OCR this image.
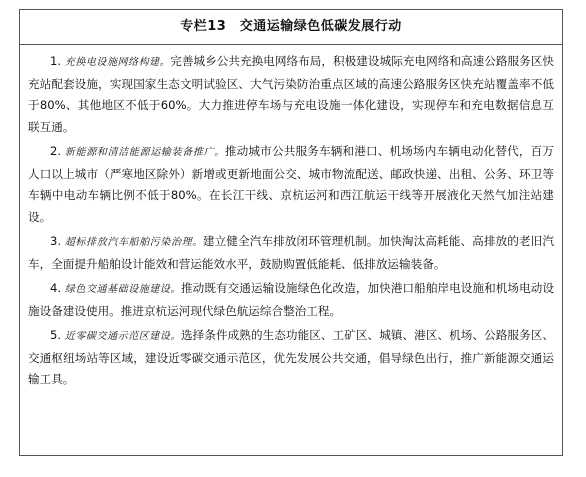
专栏13　交通运输绿色低碳发展行动

1. 充换电设施网络构建。完善城乡公共充换电网络布局，积极建设城际充电网络和高速公路服务区快充站配套设施，实现国家生态文明试验区、大气污染防治重点区域的高速公路服务区快充站覆盖率不低于80%、其他地区不低于60%。大力推进停车场与充电设施一体化建设，实现停车和充电数据信息互联互通。

2. 新能源和清洁能源运输装备推广。推动城市公共服务车辆和港口、机场场内车辆电动化替代，百万人口以上城市（严寒地区除外）新增或更新地面公交、城市物流配送、邮政快递、出租、公务、环卫等车辆中电动车辆比例不低于80%。在长江干线、京杭运河和西江航运干线等开展液化天然气加注站建设。

3. 超标排放汽车船舶污染治理。建立健全汽车排放闭环管理机制。加快淘汰高耗能、高排放的老旧汽车，全面提升船舶设计能效和营运能效水平，鼓励购置低能耗、低排放运输装备。

4. 绿色交通基础设施建设。推动既有交通运输设施绿色化改造，加快港口船舶岸电设施和机场电动设施设备建设使用。推进京杭运河现代绿色航运综合整治工程。

5. 近零碳交通示范区建设。选择条件成熟的生态功能区、工矿区、城镇、港区、机场、公路服务区、交通枢纽场站等区域，建设近零碳交通示范区，优先发展公共交通，倡导绿色出行，推广新能源交通运输工具。
